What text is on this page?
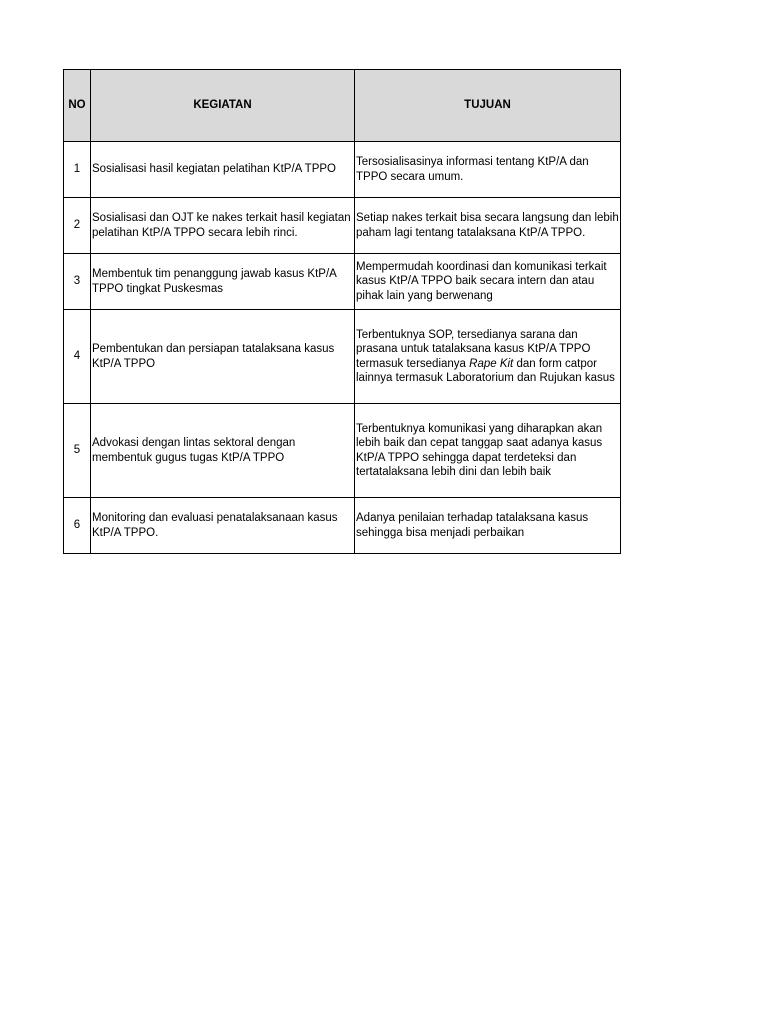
NO	KEGIATAN	TUJUAN
1	Sosialisasi hasil kegiatan pelatihan KtP/A TPPO	Tersosialisasinya informasi tentang KtP/A dan TPPO secara umum.
2	Sosialisasi dan OJT ke nakes terkait hasil kegiatan pelatihan KtP/A TPPO secara lebih rinci.	Setiap nakes terkait bisa secara langsung dan lebih paham lagi tentang tatalaksana KtP/A TPPO.
3	Membentuk tim penanggung jawab kasus KtP/A TPPO tingkat Puskesmas	Mempermudah koordinasi dan komunikasi terkait kasus KtP/A TPPO baik secara intern dan atau pihak lain yang berwenang
4	Pembentukan dan persiapan tatalaksana kasus KtP/A TPPO	Terbentuknya SOP, tersedianya sarana dan prasana untuk tatalaksana kasus KtP/A TPPO termasuk tersedianya Rape Kit dan form catpor lainnya termasuk Laboratorium dan Rujukan kasus
5	Advokasi dengan lintas sektoral dengan membentuk gugus tugas KtP/A TPPO	Terbentuknya komunikasi yang diharapkan akan lebih baik dan cepat tanggap saat adanya kasus KtP/A TPPO sehingga dapat terdeteksi dan tertatalaksana lebih dini dan lebih baik
6	Monitoring dan evaluasi penatalaksanaan kasus KtP/A TPPO.	Adanya penilaian terhadap tatalaksana kasus sehingga bisa menjadi perbaikan
